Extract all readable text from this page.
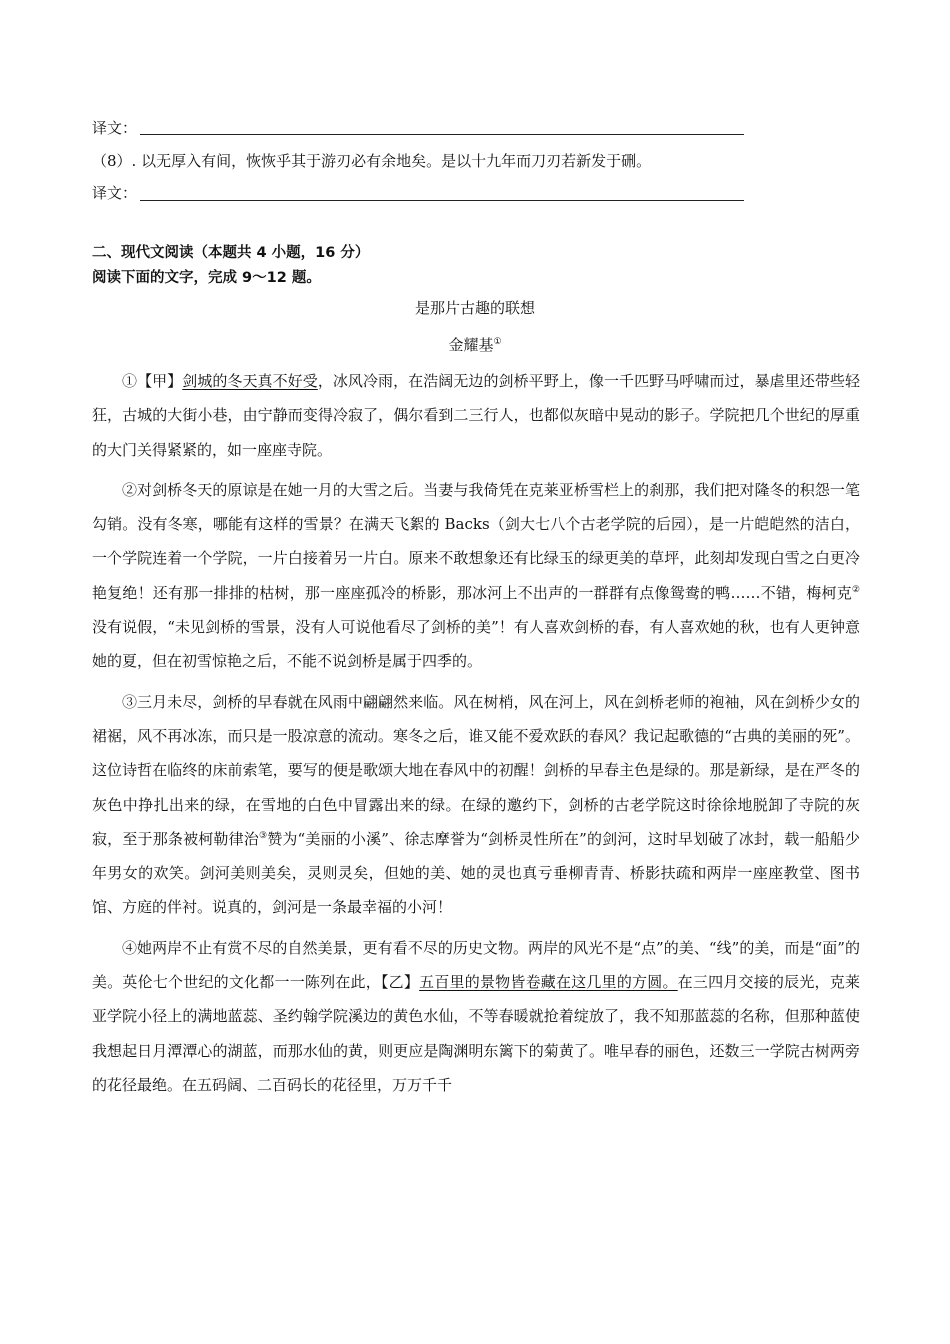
译文：
（8）. 以无厚入有间，恢恢乎其于游刃必有余地矣。是以十九年而刀刃若新发于硎。
译文：
二、现代文阅读（本题共 4 小题，16 分）
阅读下面的文字，完成 9～12 题。
是那片古趣的联想
金耀基①

①【甲】剑城的冬天真不好受，冰风冷雨，在浩阔无边的剑桥平野上，像一千匹野马呼啸而过，暴虐里还带些轻狂，古城的大街小巷，由宁静而变得冷寂了，偶尔看到二三行人，也都似灰暗中晃动的影子。学院把几个世纪的厚重的大门关得紧紧的，如一座座寺院。

②对剑桥冬天的原谅是在她一月的大雪之后。当妻与我倚凭在克莱亚桥雪栏上的刹那，我们把对隆冬的积怨一笔勾销。没有冬寒，哪能有这样的雪景？在满天飞絮的 Backs（剑大七八个古老学院的后园），是一片皑皑然的洁白，一个学院连着一个学院，一片白接着另一片白。原来不敢想象还有比绿玉的绿更美的草坪，此刻却发现白雪之白更冷艳复绝！还有那一排排的枯树，那一座座孤冷的桥影，那冰河上不出声的一群群有点像鸳鸯的鸭……不错，梅柯克②没有说假，“未见剑桥的雪景，没有人可说他看尽了剑桥的美”！有人喜欢剑桥的春，有人喜欢她的秋，也有人更钟意她的夏，但在初雪惊艳之后，不能不说剑桥是属于四季的。

③三月未尽，剑桥的早春就在风雨中翩翩然来临。风在树梢，风在河上，风在剑桥老师的袍袖，风在剑桥少女的裙裾，风不再冰冻，而只是一股凉意的流动。寒冬之后，谁又能不爱欢跃的春风？我记起歌德的“古典的美丽的死”。这位诗哲在临终的床前索笔，要写的便是歌颂大地在春风中的初醒！剑桥的早春主色是绿的。那是新绿，是在严冬的灰色中挣扎出来的绿，在雪地的白色中冒露出来的绿。在绿的邀约下，剑桥的古老学院这时徐徐地脱卸了寺院的灰寂，至于那条被柯勒律治③赞为“美丽的小溪”、徐志摩誉为“剑桥灵性所在”的剑河，这时早划破了冰封，载一船船少年男女的欢笑。剑河美则美矣，灵则灵矣，但她的美、她的灵也真亏垂柳青青、桥影扶疏和两岸一座座教堂、图书馆、方庭的伴衬。说真的，剑河是一条最幸福的小河！

④她两岸不止有赏不尽的自然美景，更有看不尽的历史文物。两岸的风光不是“点”的美、“线”的美，而是“面”的美。英伦七个世纪的文化都一一陈列在此，【乙】五百里的景物皆卷藏在这几里的方圆。在三四月交接的辰光，克莱亚学院小径上的满地蓝蕊、圣约翰学院溪边的黄色水仙，不等春暖就抢着绽放了，我不知那蓝蕊的名称，但那种蓝使我想起日月潭潭心的湖蓝，而那水仙的黄，则更应是陶渊明东篱下的菊黄了。唯早春的丽色，还数三一学院古树两旁的花径最绝。在五码阔、二百码长的花径里，万万千千
